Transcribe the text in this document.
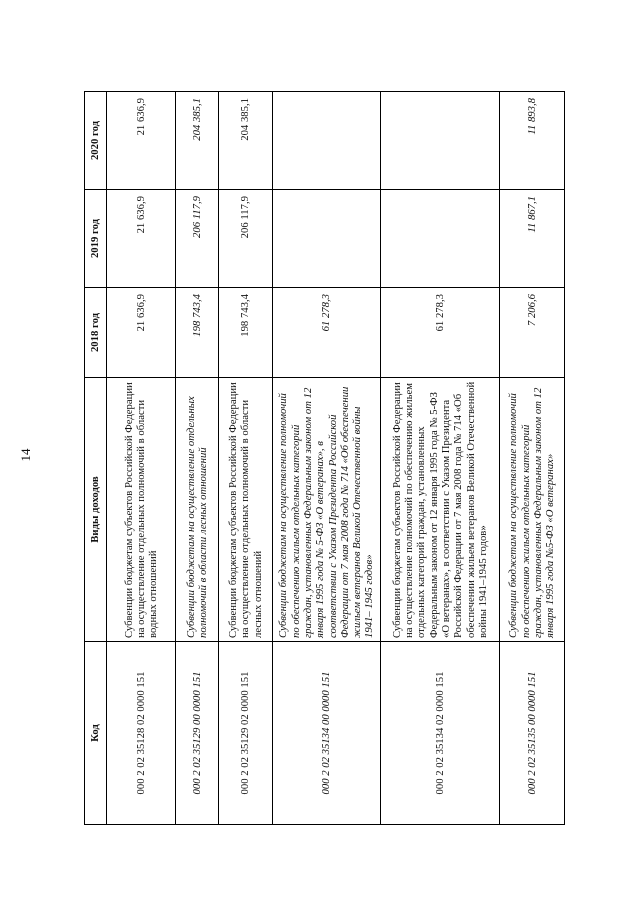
14
Код	Виды доходов	2018 год	2019 год	2020 год
000 2 02 35128 02 0000 151	Субвенции бюджетам субъектов Российской Федерации на осуществление отдельных полномочий в области водных отношений	21 636,9	21 636,9	21 636,9
000 2 02 35129 00 0000 151	Субвенции бюджетам на осуществление отдельных полномочий в области лесных отношений	198 743,4	206 117,9	204 385,1
000 2 02 35129 02 0000 151	Субвенции бюджетам субъектов Российской Федерации на осуществление отдельных полномочий в области лесных отношений	198 743,4	206 117,9	204 385,1
000 2 02 35134 00 0000 151	Субвенции бюджетам на осуществление полномочий по обеспечению жильем отдельных категорий граждан, установленных Федеральным законом от 12 января 1995 года № 5-ФЗ «О ветеранах», в соответствии с Указом Президента Российской Федерации от 7 мая 2008 года № 714 «Об обеспечении жильем ветеранов Великой Отечественной войны 1941– 1945 годов»	61 278,3		
000 2 02 35134 02 0000 151	Субвенции бюджетам субъектов Российской Федерации на осуществление полномочий по обеспечению жильем отдельных категорий граждан, установленных Федеральным законом от 12 января 1995 года № 5-ФЗ «О ветеранах», в соответствии с Указом Президента Российской Федерации от 7 мая 2008 года № 714 «Об обеспечении жильем ветеранов Великой Отечественной войны 1941–1945 годов»	61 278,3		
000 2 02 35135 00 0000 151	Субвенции бюджетам на осуществление полномочий по обеспечению жильем отдельных категорий граждан, установленных Федеральным законом от 12 января 1995 года №5-ФЗ «О ветеранах»	7 206,6	11 867,1	11 893,8
